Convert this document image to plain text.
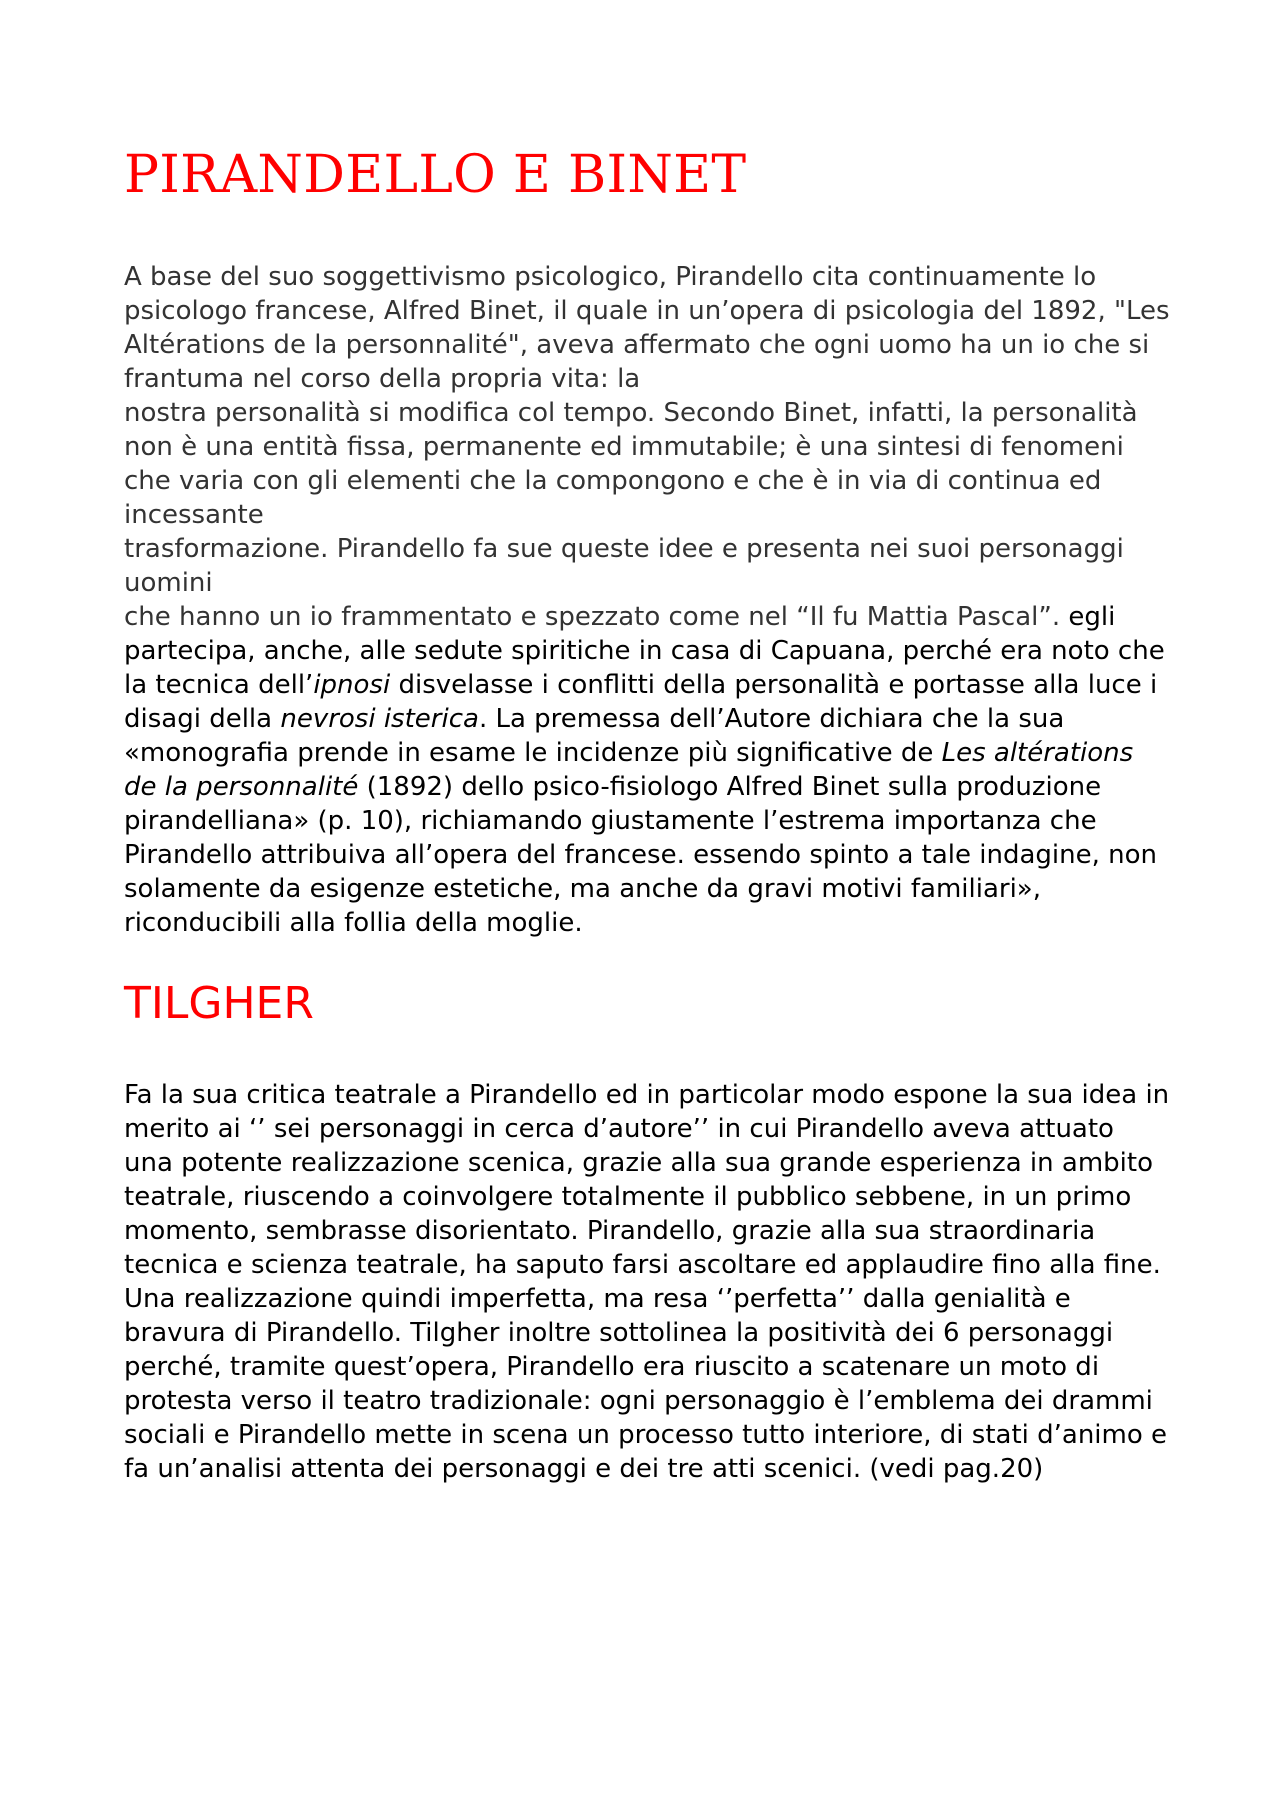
PIRANDELLO E BINET

A base del suo soggettivismo psicologico, Pirandello cita continuamente lo psicologo francese, Alfred Binet, il quale in un’opera di psicologia del 1892, "Les Altérations de la personnalité", aveva affermato che ogni uomo ha un io che si frantuma nel corso della propria vita: la

nostra personalità si modifica col tempo. Secondo Binet, infatti, la personalità non è una entità fissa, permanente ed immutabile; è una sintesi di fenomeni che varia con gli elementi che la compongono e che è in via di continua ed incessante

trasformazione. Pirandello fa sue queste idee e presenta nei suoi personaggi uomini

che hanno un io frammentato e spezzato come nel “Il fu Mattia Pascal”. egli partecipa, anche, alle sedute spiritiche in casa di Capuana, perché era noto che la tecnica dell’ipnosi disvelasse i conflitti della personalità e portasse alla luce i disagi della nevrosi isterica. La premessa dell’Autore dichiara che la sua «monografia prende in esame le incidenze più significative de Les altérations de la personnalité (1892) dello psico-fisiologo Alfred Binet sulla produzione pirandelliana» (p. 10), richiamando giustamente l’estrema importanza che Pirandello attribuiva all’opera del francese. essendo spinto a tale indagine, non solamente da esigenze estetiche, ma anche da gravi motivi familiari», riconducibili alla follia della moglie.

TILGHER

Fa la sua critica teatrale a Pirandello ed in particolar modo espone la sua idea in merito ai ‘’ sei personaggi in cerca d’autore’’ in cui Pirandello aveva attuato una potente realizzazione scenica, grazie alla sua grande esperienza in ambito teatrale, riuscendo a coinvolgere totalmente il pubblico sebbene, in un primo momento, sembrasse disorientato. Pirandello, grazie alla sua straordinaria tecnica e scienza teatrale, ha saputo farsi ascoltare ed applaudire fino alla fine. Una realizzazione quindi imperfetta, ma resa ‘’perfetta’’ dalla genialità e bravura di Pirandello. Tilgher inoltre sottolinea la positività dei 6 personaggi perché, tramite quest’opera, Pirandello era riuscito a scatenare un moto di protesta verso il teatro tradizionale: ogni personaggio è l’emblema dei drammi sociali e Pirandello mette in scena un processo tutto interiore, di stati d’animo e fa un’analisi attenta dei personaggi e dei tre atti scenici. (vedi pag.20)
